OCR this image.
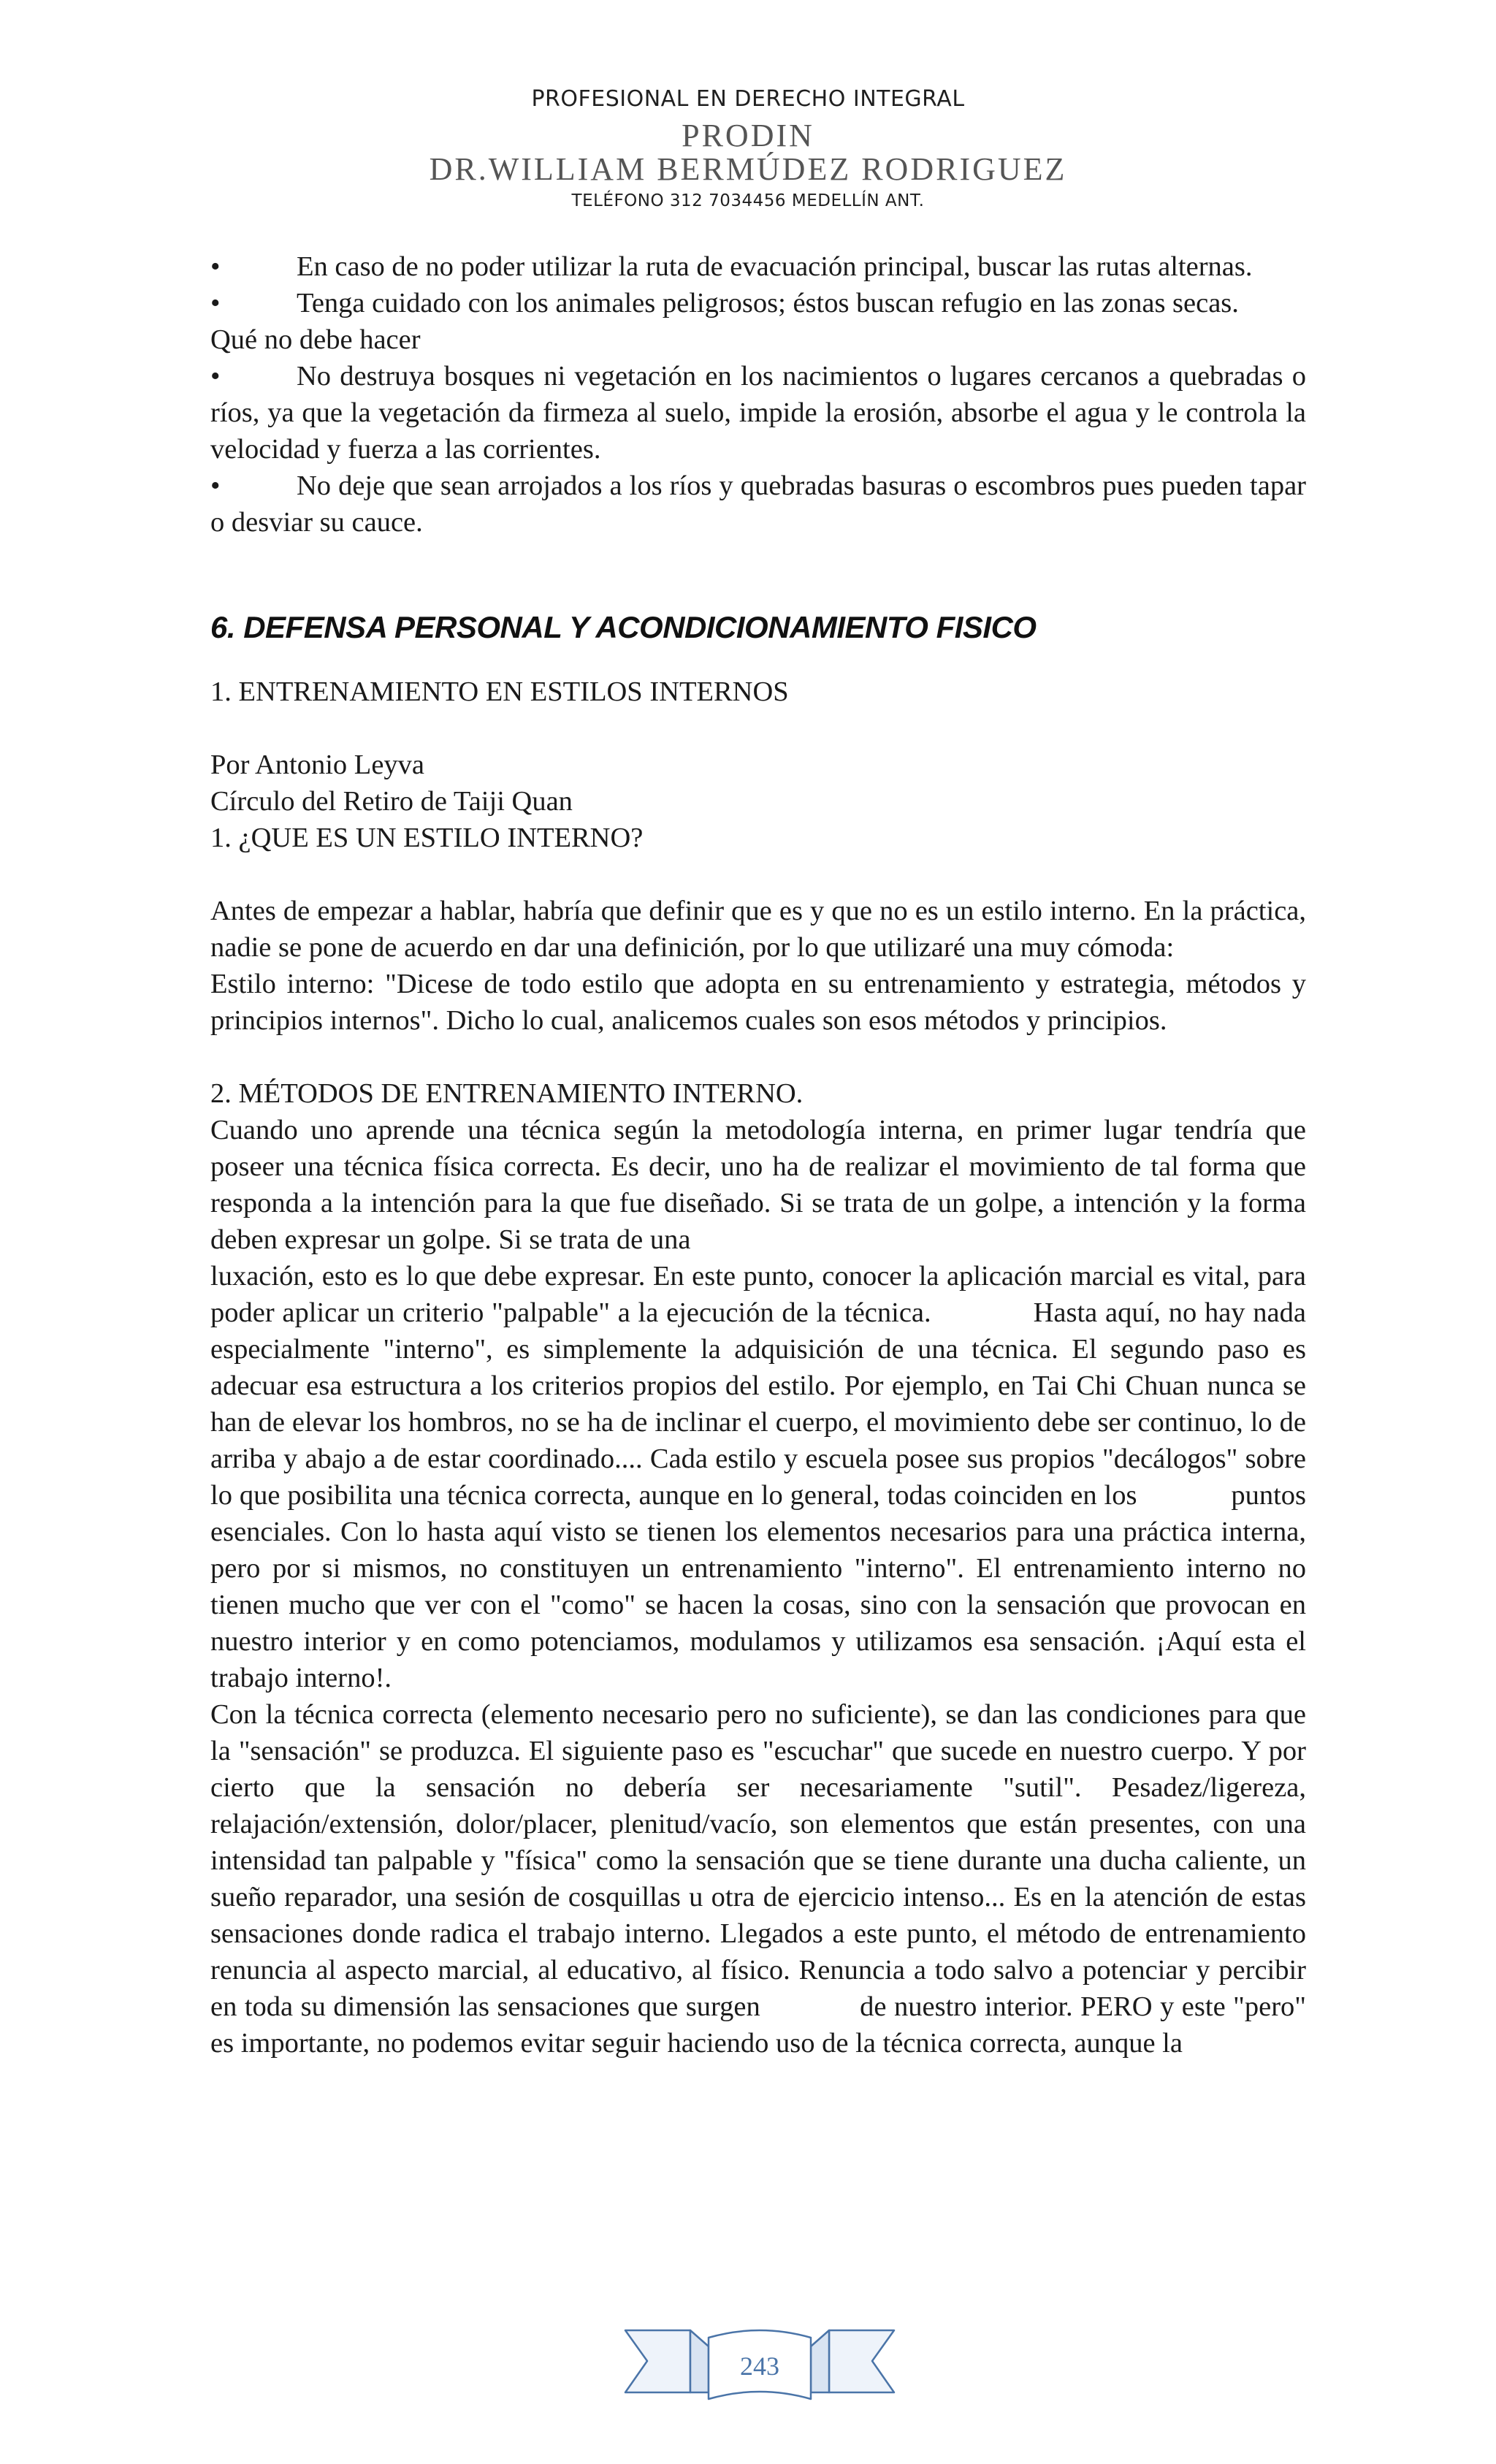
PROFESIONAL EN DERECHO INTEGRAL
PRODIN
DR.WILLIAM BERMÚDEZ RODRIGUEZ
TELÉFONO 312 7034456 MEDELLÍN ANT.

•	En caso de no poder utilizar la ruta de evacuación principal, buscar las rutas alternas.

•	Tenga cuidado con los animales peligrosos; éstos buscan refugio en las zonas secas.

Qué no debe hacer

•	No destruya bosques ni vegetación en los nacimientos o lugares cercanos a quebradas o ríos, ya que la vegetación da firmeza al suelo, impide la erosión, absorbe el agua y le controla la velocidad y fuerza a las corrientes.

•	No deje que sean arrojados a los ríos y quebradas basuras o escombros pues pueden tapar o desviar su cauce.

6. DEFENSA PERSONAL Y ACONDICIONAMIENTO FISICO

1. ENTRENAMIENTO EN ESTILOS INTERNOS

Por Antonio Leyva

Círculo del Retiro de Taiji Quan

1. ¿QUE ES UN ESTILO INTERNO?

Antes de empezar a hablar, habría que definir que es y que no es un estilo interno. En la práctica, nadie se pone de acuerdo en dar una definición, por lo que utilizaré una muy cómoda:

Estilo interno: "Dicese de todo estilo que adopta en su entrenamiento y estrategia, métodos y principios internos". Dicho lo cual, analicemos cuales son esos métodos y principios.

2. MÉTODOS DE ENTRENAMIENTO INTERNO.

Cuando uno aprende una técnica según la metodología interna, en primer lugar tendría que poseer una técnica física correcta. Es decir, uno ha de realizar el movimiento de tal forma que responda a la intención para la que fue diseñado. Si se trata de un golpe, a intención y la forma deben expresar un golpe. Si se trata de una

luxación, esto es lo que debe expresar. En este punto, conocer la aplicación marcial es vital, para poder aplicar un criterio "palpable" a la ejecución de la técnica.             Hasta aquí, no hay nada especialmente "interno", es simplemente la adquisición de una técnica. El segundo paso es adecuar esa estructura a los criterios propios del estilo. Por ejemplo, en Tai Chi Chuan nunca se han de elevar los hombros, no se ha de inclinar el cuerpo, el movimiento debe ser continuo, lo de arriba y abajo a de estar coordinado.... Cada estilo y escuela posee sus propios "decálogos" sobre lo que posibilita una técnica correcta, aunque en lo general, todas coinciden en los             puntos esenciales. Con lo hasta aquí visto se tienen los elementos necesarios para una práctica interna, pero por si mismos, no constituyen un entrenamiento "interno". El entrenamiento interno no tienen mucho que ver con el "como" se hacen la cosas, sino con la sensación que provocan en nuestro interior y en como potenciamos, modulamos y utilizamos esa sensación. ¡Aquí esta el trabajo interno!.

Con la técnica correcta (elemento necesario pero no suficiente), se dan las condiciones para que la "sensación" se produzca. El siguiente paso es "escuchar" que sucede en nuestro cuerpo. Y por cierto que la sensación no debería ser necesariamente "sutil". Pesadez/ligereza, relajación/extensión, dolor/placer, plenitud/vacío, son elementos que están presentes, con una intensidad tan palpable y "física" como la sensación que se tiene durante una ducha caliente, un sueño reparador, una sesión de cosquillas u otra de ejercicio intenso... Es en la atención de estas sensaciones donde radica el trabajo interno. Llegados a este punto, el método de entrenamiento renuncia al aspecto marcial, al educativo, al físico. Renuncia a todo salvo a potenciar y percibir en toda su dimensión las sensaciones que surgen             de nuestro interior. PERO y este "pero" es importante, no podemos evitar seguir haciendo uso de la técnica correcta, aunque la

243
